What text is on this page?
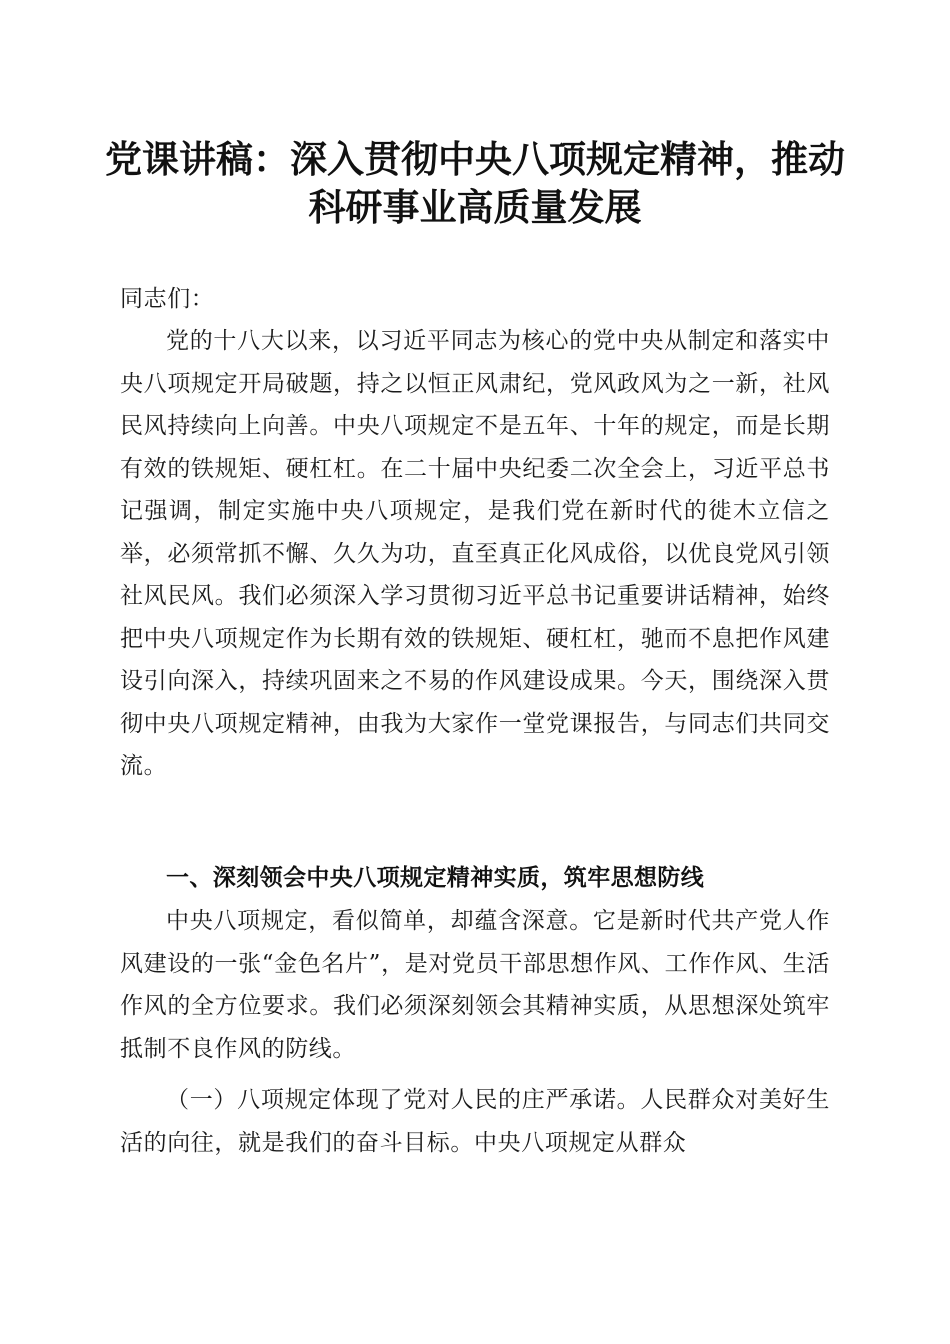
党课讲稿：深入贯彻中央八项规定精神，推动
科研事业高质量发展
同志们：
党的十八大以来，以习近平同志为核心的党中央从制定和落实中央八项规定开局破题，持之以恒正风肃纪，党风政风为之一新，社风民风持续向上向善。中央八项规定不是五年、十年的规定，而是长期有效的铁规矩、硬杠杠。在二十届中央纪委二次全会上，习近平总书记强调，制定实施中央八项规定，是我们党在新时代的徙木立信之举，必须常抓不懈、久久为功，直至真正化风成俗，以优良党风引领社风民风。我们必须深入学习贯彻习近平总书记重要讲话精神，始终把中央八项规定作为长期有效的铁规矩、硬杠杠，驰而不息把作风建设引向深入，持续巩固来之不易的作风建设成果。今天，围绕深入贯彻中央八项规定精神，由我为大家作一堂党课报告，与同志们共同交流。
一、深刻领会中央八项规定精神实质，筑牢思想防线
中央八项规定，看似简单，却蕴含深意。它是新时代共产党人作风建设的一张“金色名片”，是对党员干部思想作风、工作作风、生活作风的全方位要求。我们必须深刻领会其精神实质，从思想深处筑牢抵制不良作风的防线。
（一）八项规定体现了党对人民的庄严承诺。人民群众对美好生活的向往，就是我们的奋斗目标。中央八项规定从群众
